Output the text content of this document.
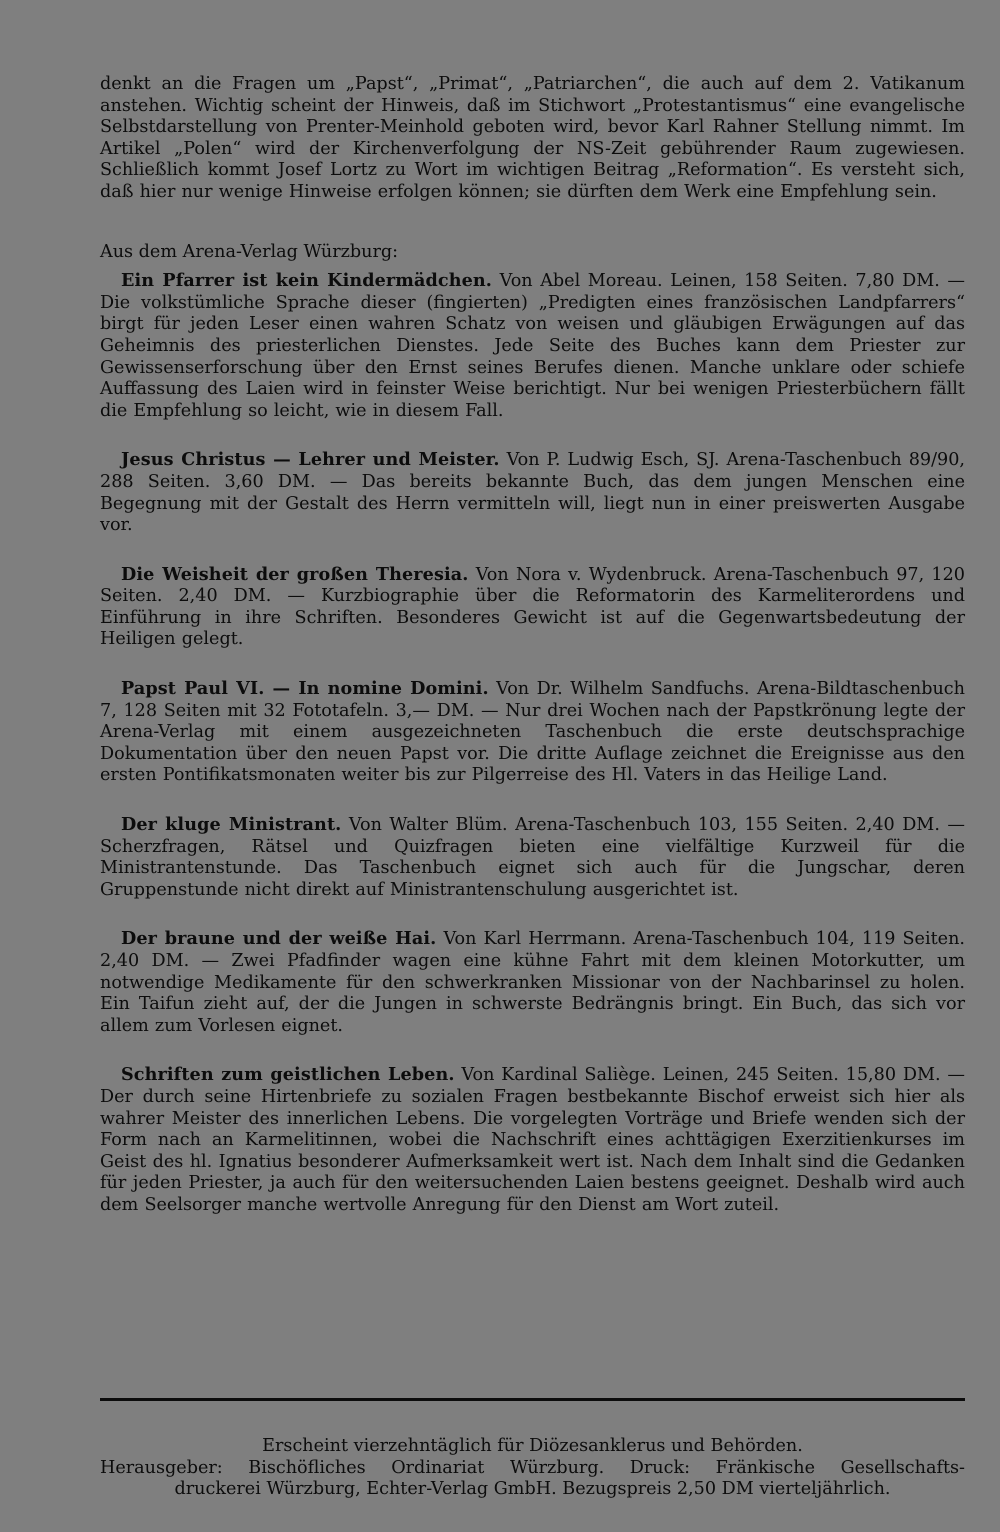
denkt an die Fragen um „Papst“, „Primat“, „Patriarchen“, die auch auf dem 2. Vatikanum anstehen. Wichtig scheint der Hinweis, daß im Stichwort „Protestantismus“ eine evangelische Selbstdarstellung von Prenter-Meinhold geboten wird, bevor Karl Rahner Stellung nimmt. Im Artikel „Polen“ wird der Kirchenverfolgung der NS-Zeit gebührender Raum zugewiesen. Schließlich kommt Josef Lortz zu Wort im wichtigen Beitrag „Reformation“. Es versteht sich, daß hier nur wenige Hinweise erfolgen können; sie dürften dem Werk eine Empfehlung sein.

Aus dem Arena-Verlag Würzburg:

Ein Pfarrer ist kein Kindermädchen. Von Abel Moreau. Leinen, 158 Seiten. 7,80 DM. — Die volkstümliche Sprache dieser (fingierten) „Predigten eines französischen Landpfarrers“ birgt für jeden Leser einen wahren Schatz von weisen und gläubigen Erwägungen auf das Geheimnis des priesterlichen Dienstes. Jede Seite des Buches kann dem Priester zur Gewissenserforschung über den Ernst seines Berufes dienen. Manche unklare oder schiefe Auffassung des Laien wird in feinster Weise berichtigt. Nur bei wenigen Priesterbüchern fällt die Empfehlung so leicht, wie in diesem Fall.

Jesus Christus — Lehrer und Meister. Von P. Ludwig Esch, SJ. Arena-Taschenbuch 89/90, 288 Seiten. 3,60 DM. — Das bereits bekannte Buch, das dem jungen Menschen eine Begegnung mit der Gestalt des Herrn vermitteln will, liegt nun in einer preiswerten Ausgabe vor.

Die Weisheit der großen Theresia. Von Nora v. Wydenbruck. Arena-Taschenbuch 97, 120 Seiten. 2,40 DM. — Kurzbiographie über die Reformatorin des Karmeliterordens und Einführung in ihre Schriften. Besonderes Gewicht ist auf die Gegenwartsbedeutung der Heiligen gelegt.

Papst Paul VI. — In nomine Domini. Von Dr. Wilhelm Sandfuchs. Arena-Bildtaschenbuch 7, 128 Seiten mit 32 Fototafeln. 3,— DM. — Nur drei Wochen nach der Papstkrönung legte der Arena-Verlag mit einem ausgezeichneten Taschenbuch die erste deutschsprachige Dokumentation über den neuen Papst vor. Die dritte Auflage zeichnet die Ereignisse aus den ersten Pontifikatsmonaten weiter bis zur Pilgerreise des Hl. Vaters in das Heilige Land.

Der kluge Ministrant. Von Walter Blüm. Arena-Taschenbuch 103, 155 Seiten. 2,40 DM. — Scherzfragen, Rätsel und Quizfragen bieten eine vielfältige Kurzweil für die Ministrantenstunde. Das Taschenbuch eignet sich auch für die Jungschar, deren Gruppenstunde nicht direkt auf Ministrantenschulung ausgerichtet ist.

Der braune und der weiße Hai. Von Karl Herrmann. Arena-Taschenbuch 104, 119 Seiten. 2,40 DM. — Zwei Pfadfinder wagen eine kühne Fahrt mit dem kleinen Motorkutter, um notwendige Medikamente für den schwerkranken Missionar von der Nachbarinsel zu holen. Ein Taifun zieht auf, der die Jungen in schwerste Bedrängnis bringt. Ein Buch, das sich vor allem zum Vorlesen eignet.

Schriften zum geistlichen Leben. Von Kardinal Saliège. Leinen, 245 Seiten. 15,80 DM. — Der durch seine Hirtenbriefe zu sozialen Fragen bestbekannte Bischof erweist sich hier als wahrer Meister des innerlichen Lebens. Die vorgelegten Vorträge und Briefe wenden sich der Form nach an Karmelitinnen, wobei die Nachschrift eines achttägigen Exerzitienkurses im Geist des hl. Ignatius besonderer Aufmerksamkeit wert ist. Nach dem Inhalt sind die Gedanken für jeden Priester, ja auch für den weitersuchenden Laien bestens geeignet. Deshalb wird auch dem Seelsorger manche wertvolle Anregung für den Dienst am Wort zuteil.

Erscheint vierzehntäglich für Diözesanklerus und Behörden.
Herausgeber: Bischöfliches Ordinariat Würzburg. Druck: Fränkische Gesellschafts-
druckerei Würzburg, Echter-Verlag GmbH. Bezugspreis 2,50 DM vierteljährlich.
